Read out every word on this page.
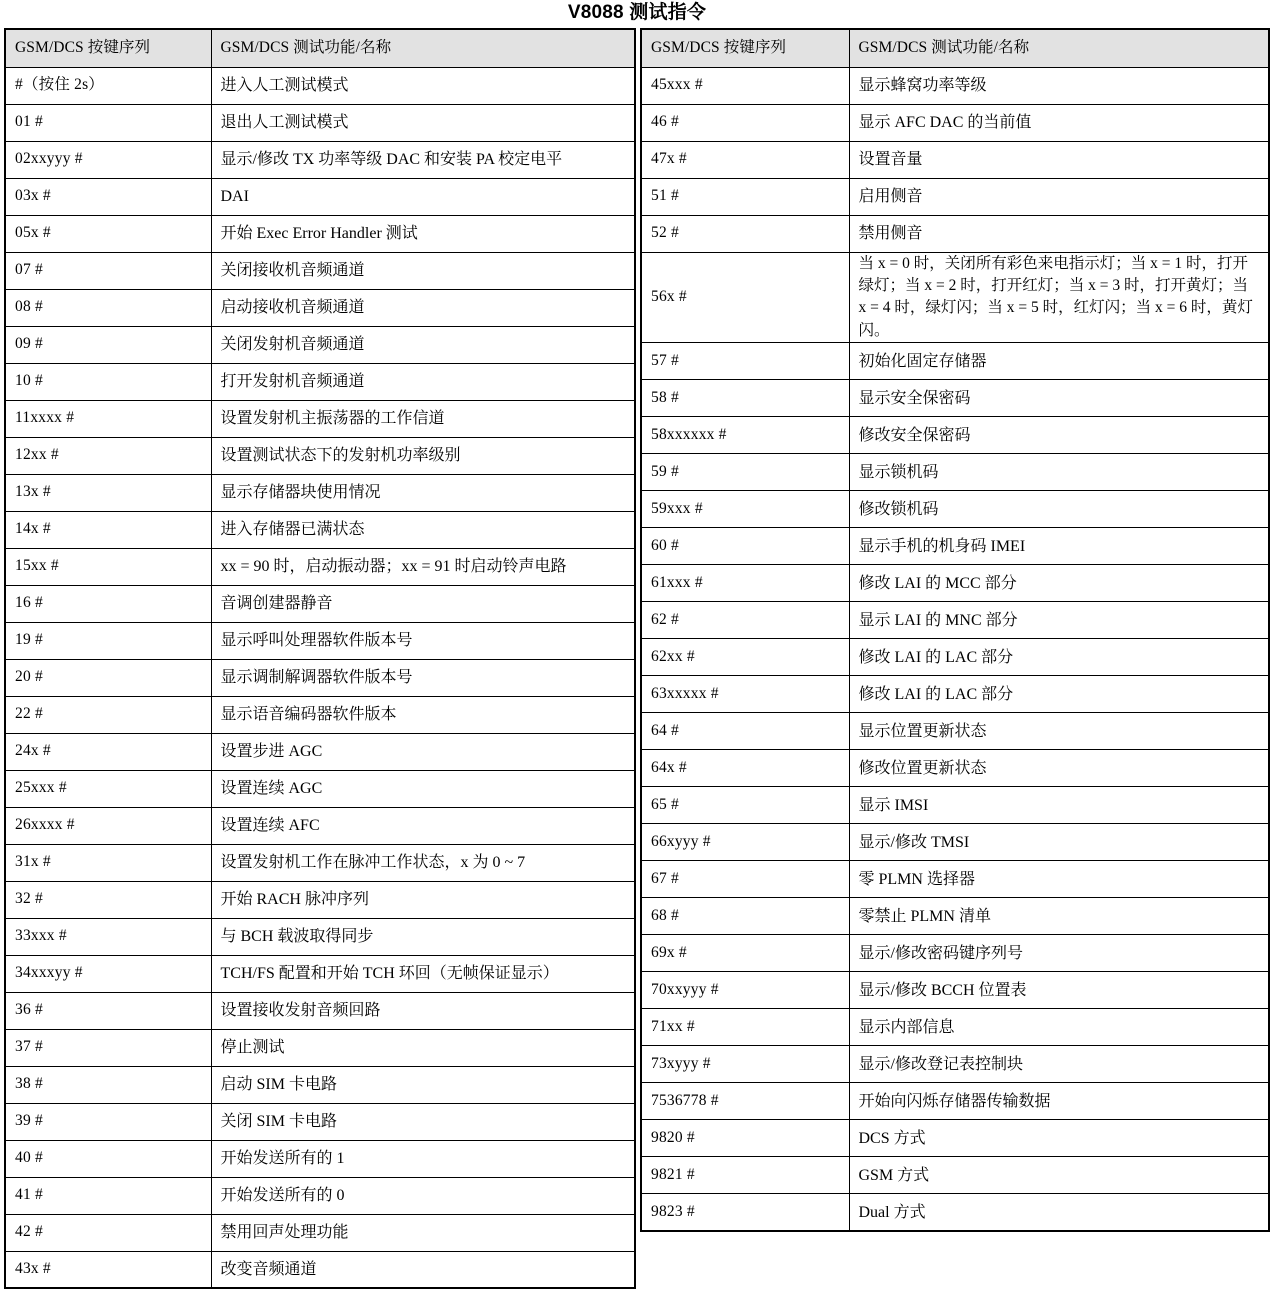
V8088 测试指令
GSM/DCS 按键序列	GSM/DCS 测试功能/名称
#（按住 2s）	进入人工测试模式
01 #	退出人工测试模式
02xxyyy #	显示/修改 TX 功率等级 DAC 和安装 PA 校定电平
03x #	DAI
05x #	开始 Exec Error Handler 测试
07 #	关闭接收机音频通道
08 #	启动接收机音频通道
09 #	关闭发射机音频通道
10 #	打开发射机音频通道
11xxxx #	设置发射机主振荡器的工作信道
12xx #	设置测试状态下的发射机功率级别
13x #	显示存储器块使用情况
14x #	进入存储器已满状态
15xx #	xx = 90 时，启动振动器；xx = 91 时启动铃声电路
16 #	音调创建器静音
19 #	显示呼叫处理器软件版本号
20 #	显示调制解调器软件版本号
22 #	显示语音编码器软件版本
24x #	设置步进 AGC
25xxx #	设置连续 AGC
26xxxx #	设置连续 AFC
31x #	设置发射机工作在脉冲工作状态，x 为 0 ~ 7
32 #	开始 RACH 脉冲序列
33xxx #	与 BCH 载波取得同步
34xxxyy #	TCH/FS 配置和开始 TCH 环回（无帧保证显示）
36 #	设置接收发射音频回路
37 #	停止测试
38 #	启动 SIM 卡电路
39 #	关闭 SIM 卡电路
40 #	开始发送所有的 1
41 #	开始发送所有的 0
42 #	禁用回声处理功能
43x #	改变音频通道
GSM/DCS 按键序列	GSM/DCS 测试功能/名称
45xxx #	显示蜂窝功率等级
46 #	显示 AFC DAC 的当前值
47x #	设置音量
51 #	启用侧音
52 #	禁用侧音
56x #	当 x = 0 时，关闭所有彩色来电指示灯；当 x = 1 时，打开绿灯；当 x = 2 时，打开红灯；当 x = 3 时，打开黄灯；当 x = 4 时，绿灯闪；当 x = 5 时，红灯闪；当 x = 6 时，黄灯闪。
57 #	初始化固定存储器
58 #	显示安全保密码
58xxxxxx #	修改安全保密码
59 #	显示锁机码
59xxx #	修改锁机码
60 #	显示手机的机身码 IMEI
61xxx #	修改 LAI 的 MCC 部分
62 #	显示 LAI 的 MNC 部分
62xx #	修改 LAI 的 LAC 部分
63xxxxx #	修改 LAI 的 LAC 部分
64 #	显示位置更新状态
64x #	修改位置更新状态
65 #	显示 IMSI
66xyyy #	显示/修改 TMSI
67 #	零 PLMN 选择器
68 #	零禁止 PLMN 清单
69x #	显示/修改密码键序列号
70xxyyy #	显示/修改 BCCH 位置表
71xx #	显示内部信息
73xyyy #	显示/修改登记表控制块
7536778 #	开始向闪烁存储器传输数据
9820 #	DCS 方式
9821 #	GSM 方式
9823 #	Dual 方式
